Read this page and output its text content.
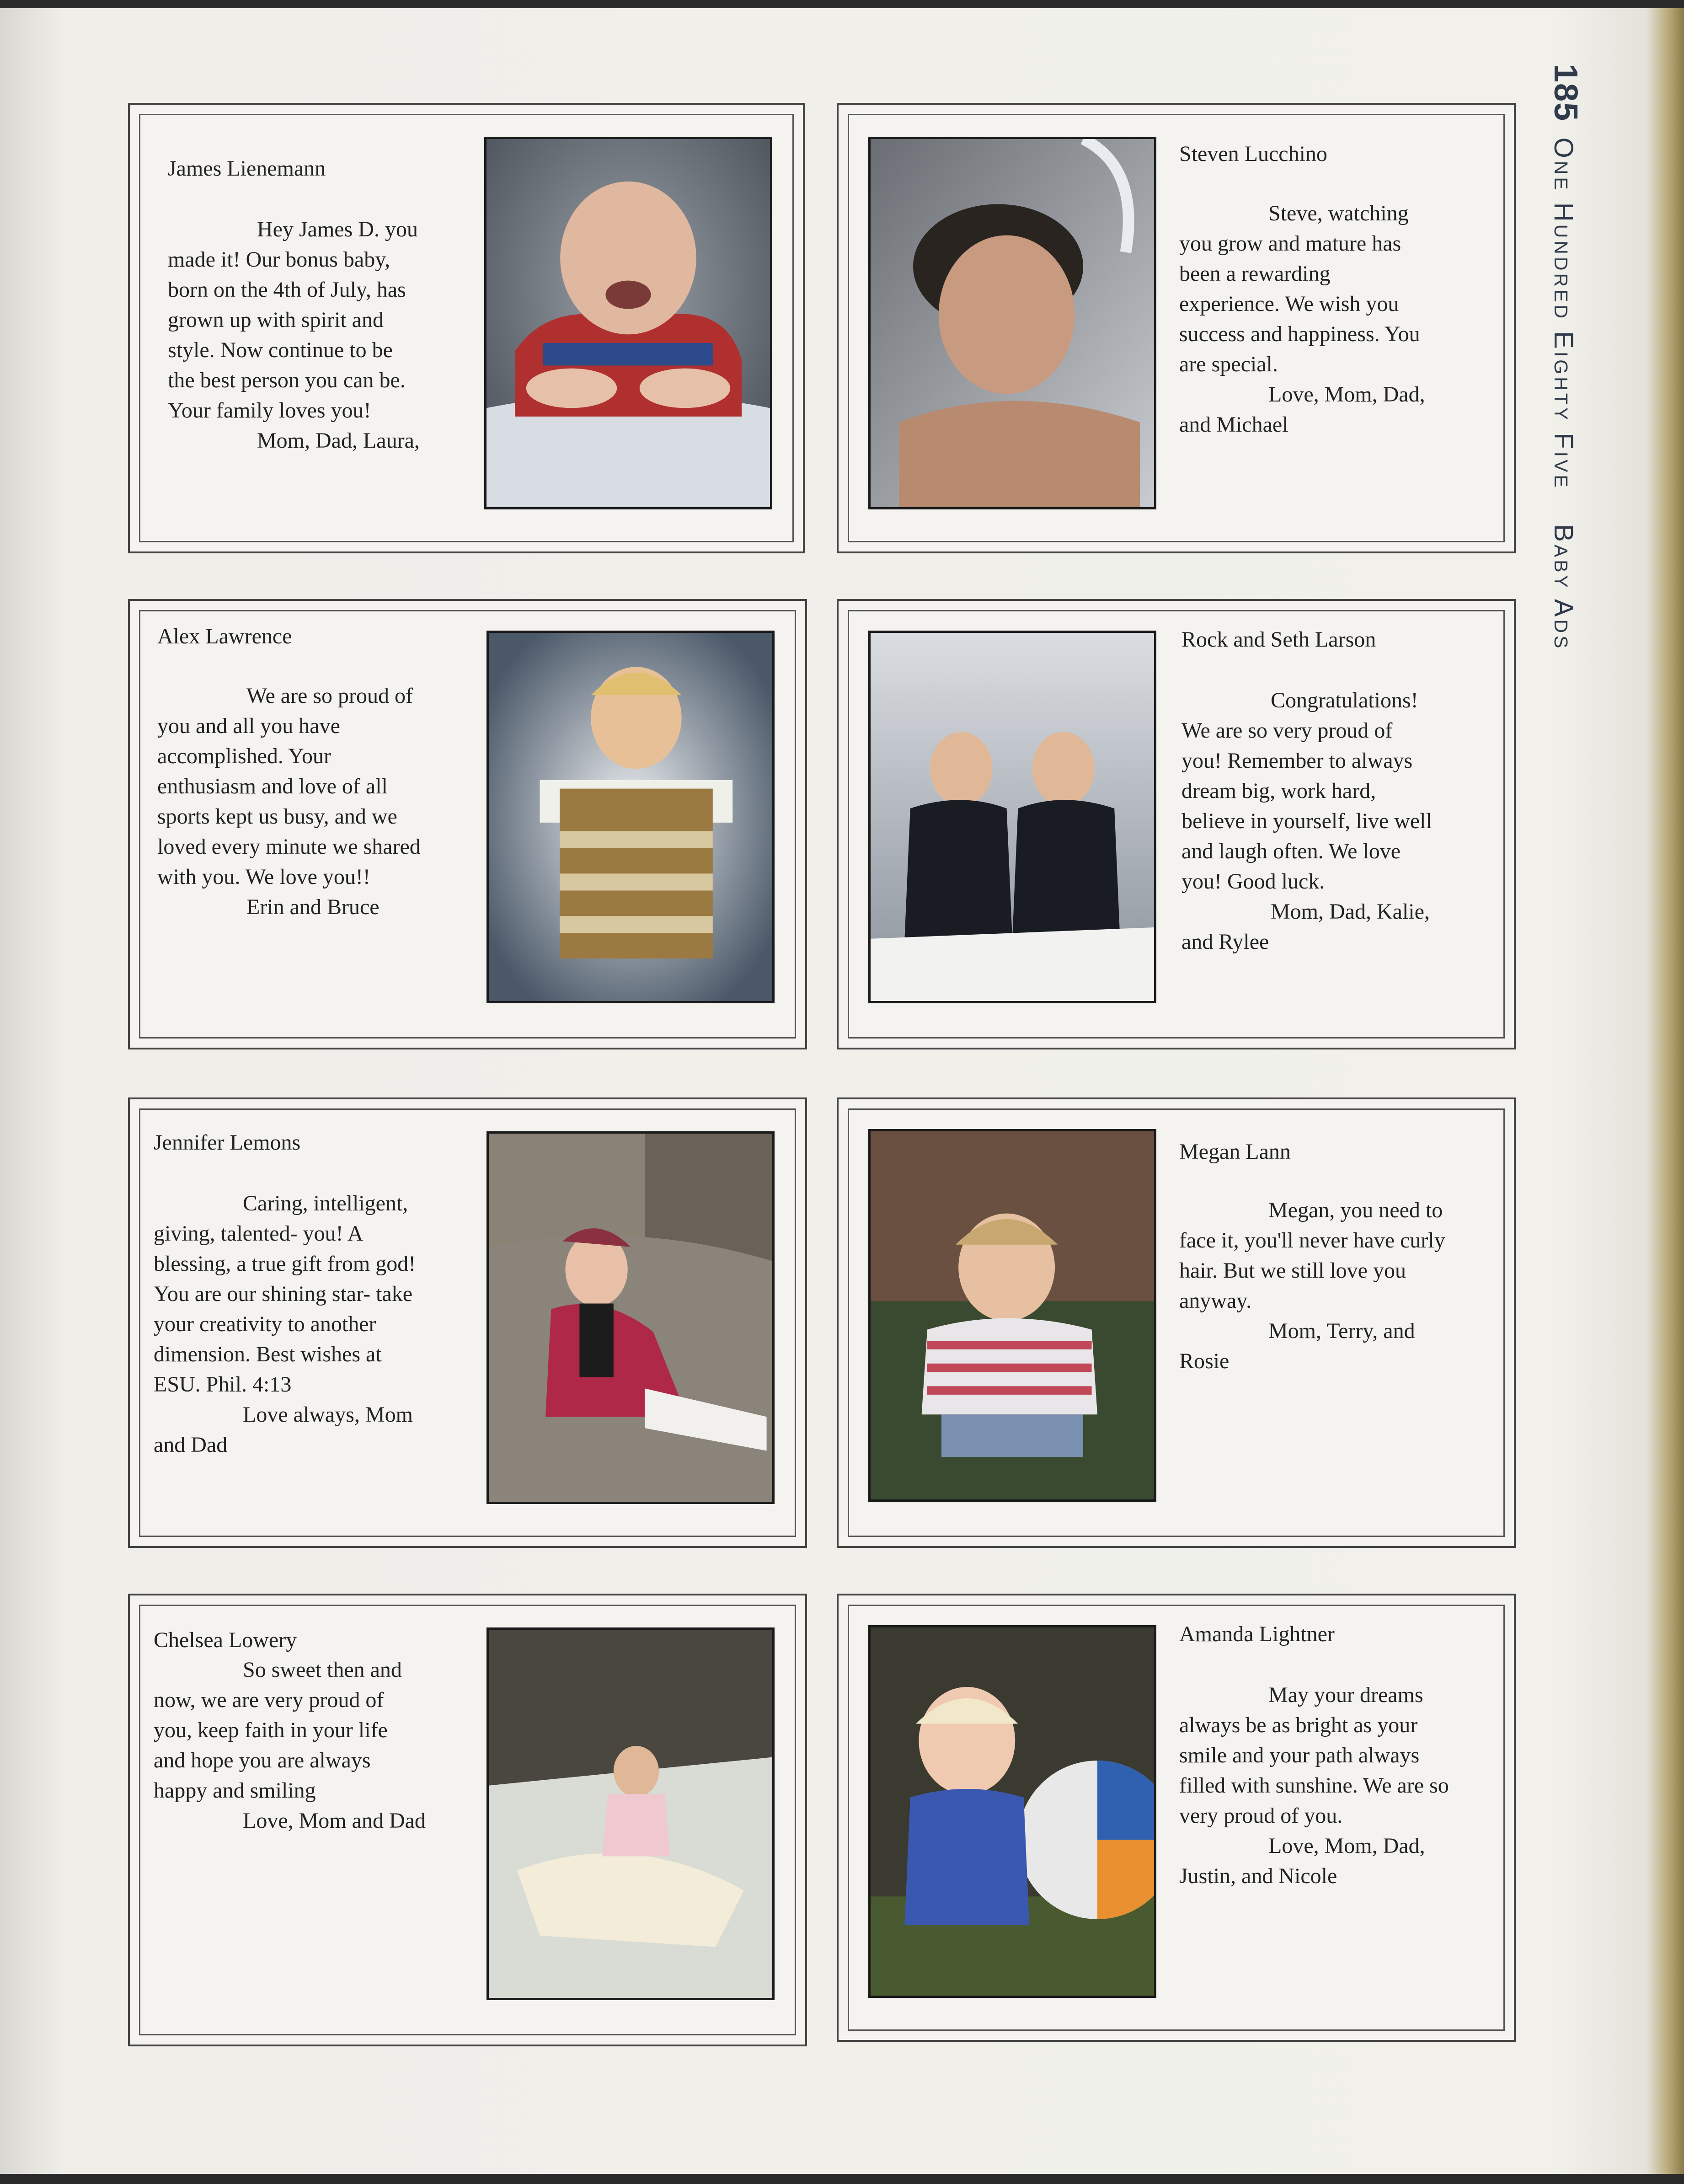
185 One Hundred Eighty Five Baby Ads
James Lienemann

Hey James D. you

made it! Our bonus baby,

born on the 4th of July, has

grown up with spirit and

style. Now continue to be

the best person you can be.

Your family loves you!

Mom, Dad, Laura,

Steven Lucchino

Steve, watching

you grow and mature has

been a rewarding

experience. We wish you

success and happiness. You

are special.

Love, Mom, Dad,

and Michael

Alex Lawrence

We are so proud of

you and all you have

accomplished. Your

enthusiasm and love of all

sports kept us busy, and we

loved every minute we shared

with you. We love you!!

Erin and Bruce

Rock and Seth Larson

Congratulations!

We are so very proud of

you! Remember to always

dream big, work hard,

believe in yourself, live well

and laugh often. We love

you! Good luck.

Mom, Dad, Kalie,

and Rylee

Jennifer Lemons

Caring, intelligent,

giving, talented- you! A

blessing, a true gift from god!

You are our shining star- take

your creativity to another

dimension. Best wishes at

ESU. Phil. 4:13

Love always, Mom

and Dad

Megan Lann

Megan, you need to

face it, you'll never have curly

hair. But we still love you

anyway.

Mom, Terry, and

Rosie

Chelsea Lowery

So sweet then and

now, we are very proud of

you, keep faith in your life

and hope you are always

happy and smiling

Love, Mom and Dad

Amanda Lightner

May your dreams

always be as bright as your

smile and your path always

filled with sunshine. We are so

very proud of you.

Love, Mom, Dad,

Justin, and Nicole
